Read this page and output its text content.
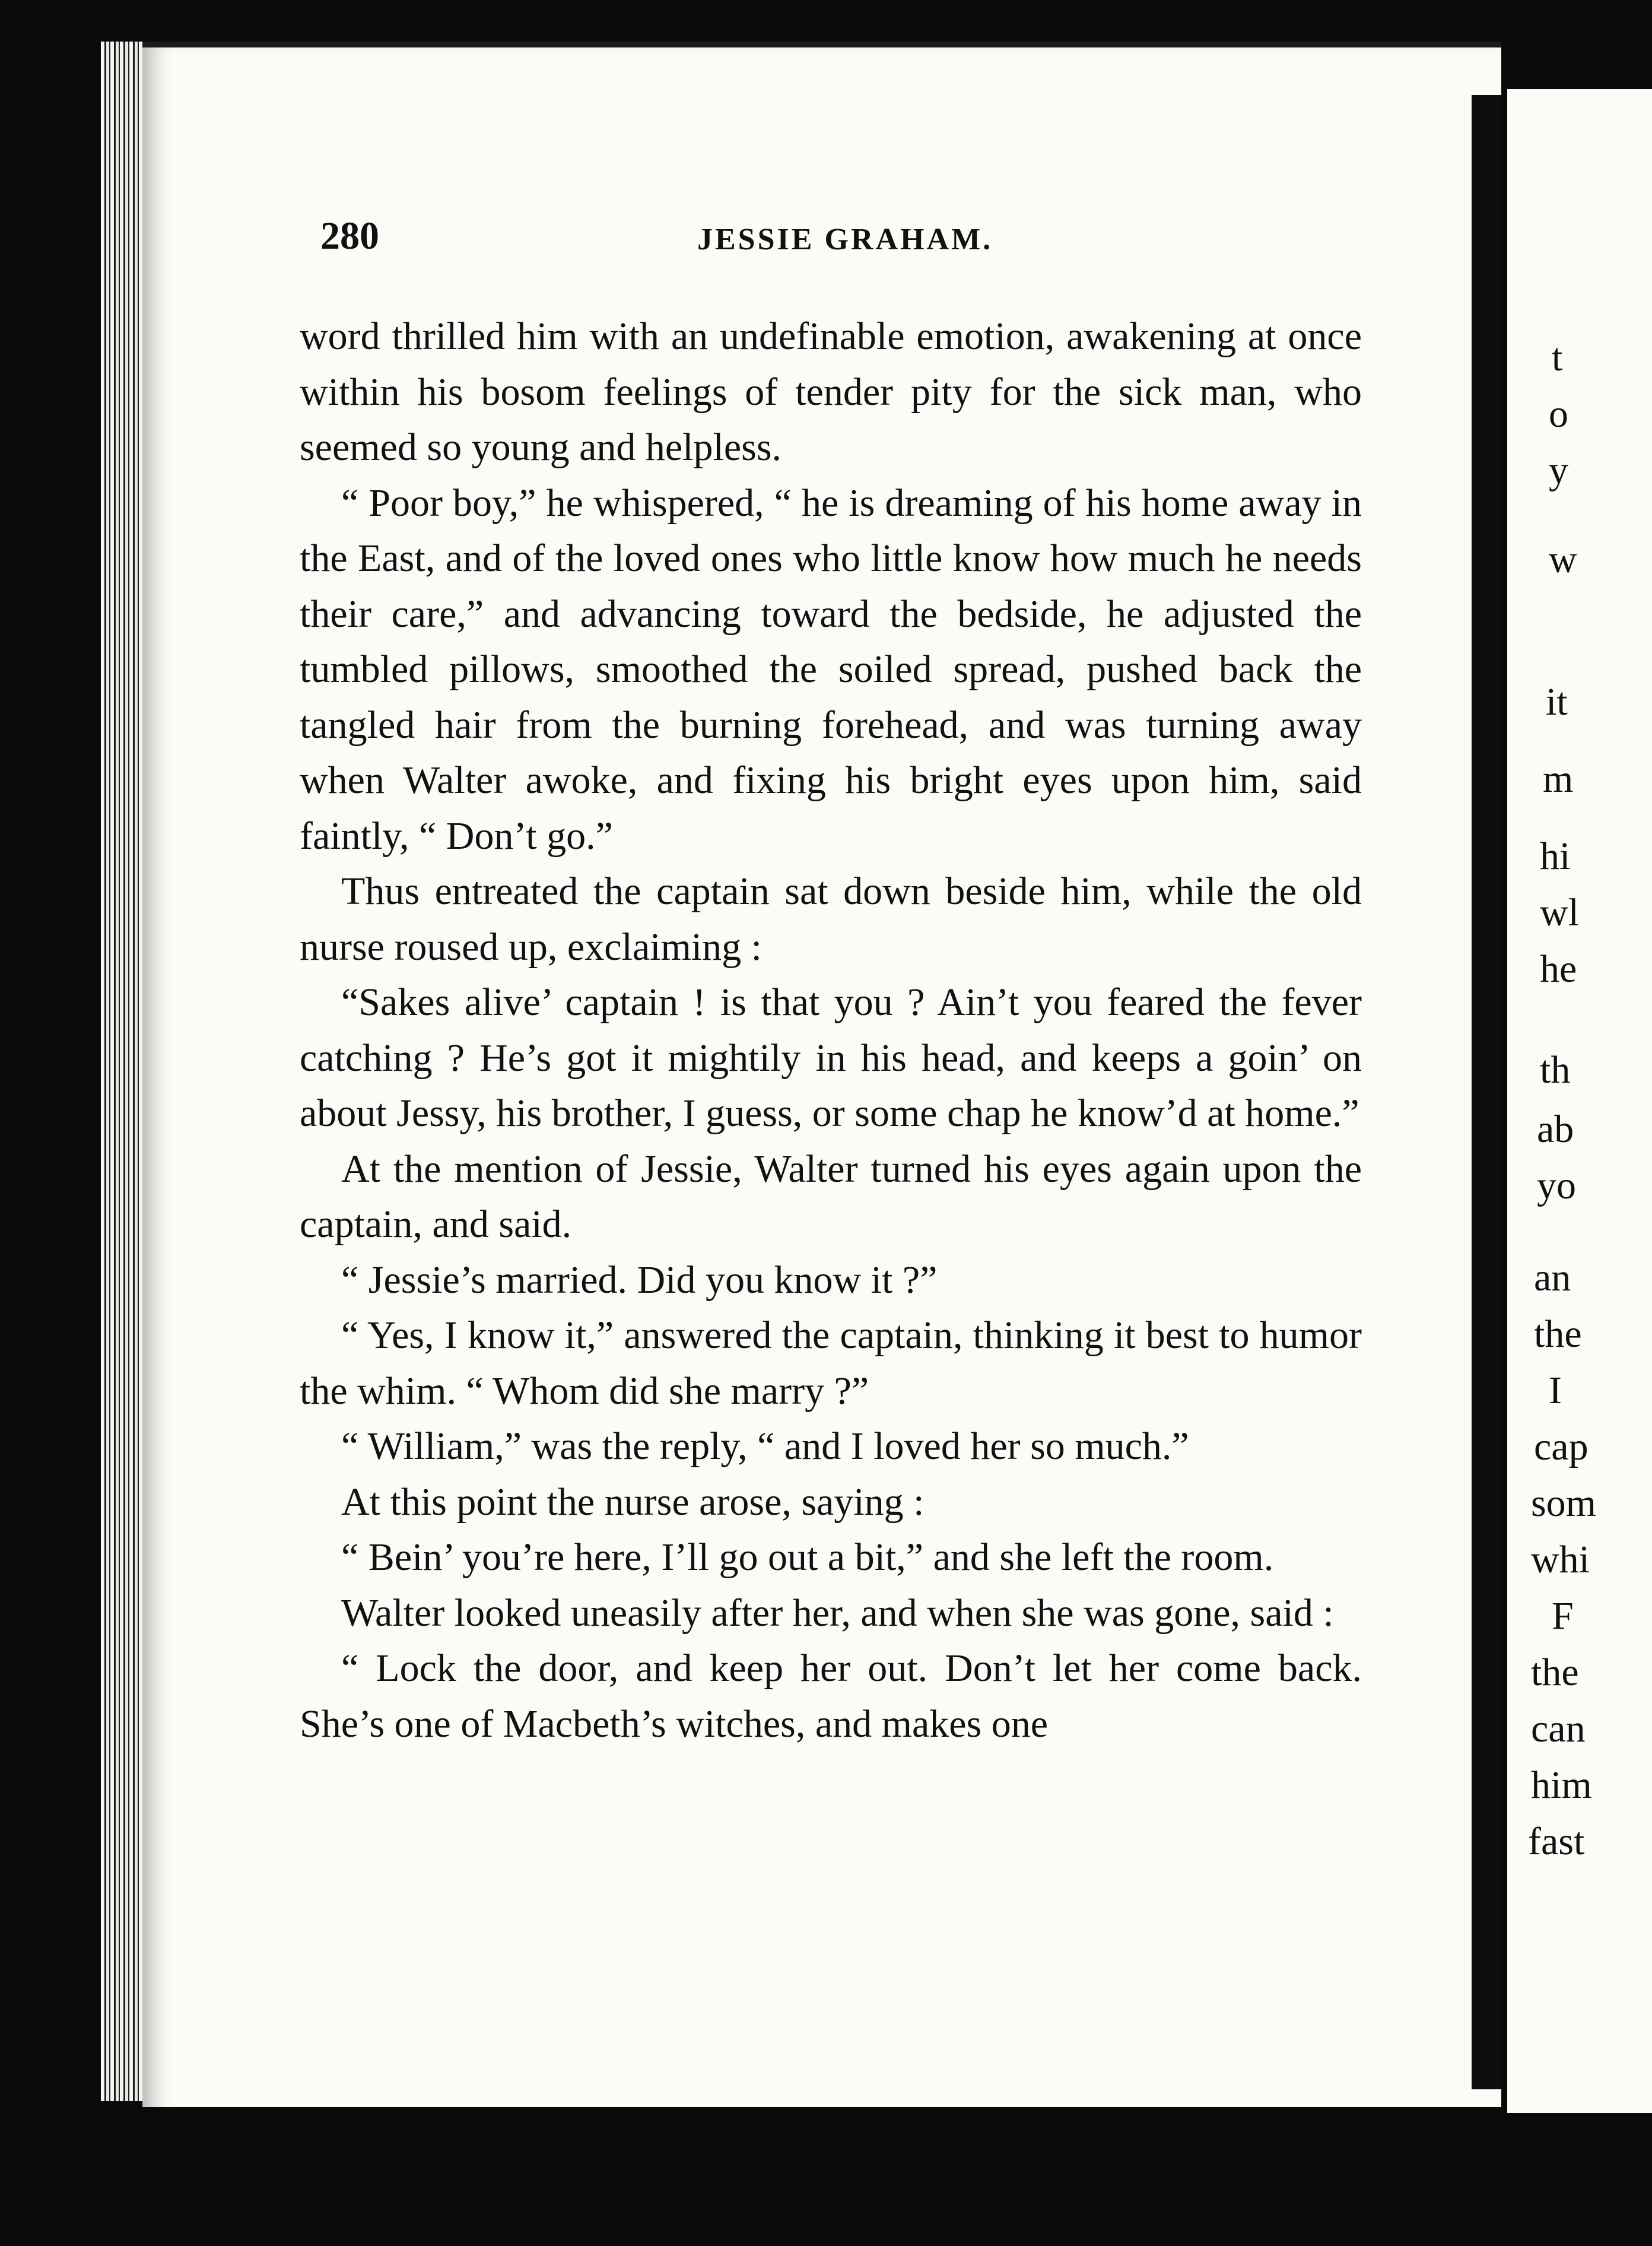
280	JESSIE GRAHAM.

word thrilled him with an undefinable emotion, awakening at once within his bosom feelings of tender pity for the sick man, who seemed so young and helpless.

“ Poor boy,” he whispered, “ he is dreaming of his home away in the East, and of the loved ones who little know how much he needs their care,” and advancing toward the bedside, he adjusted the tumbled pillows, smoothed the soiled spread, pushed back the tangled hair from the burning forehead, and was turning away when Walter awoke, and fixing his bright eyes upon him, said faintly, “ Don’t go.”

Thus entreated the captain sat down beside him, while the old nurse roused up, exclaiming :

“Sakes alive’ captain ! is that you ? Ain’t you feared the fever catching ? He’s got it mightily in his head, and keeps a goin’ on about Jessy, his brother, I guess, or some chap he know’d at home.”

At the mention of Jessie, Walter turned his eyes again upon the captain, and said.

“ Jessie’s married. Did you know it ?”

“ Yes, I know it,” answered the captain, thinking it best to humor the whim. “ Whom did she marry ?”

“ William,” was the reply, “ and I loved her so much.”

At this point the nurse arose, saying :

“ Bein’ you’re here, I’ll go out a bit,” and she left the room.

Walter looked uneasily after her, and when she was gone, said :

“ Lock the door, and keep her out. Don’t let her come back. She’s one of Macbeth’s witches, and makes one

t
o
y
w
it
m
hi
wl
he
th
ab
yo
an
the
I
cap
som
whi
F
the
can
him
fast
